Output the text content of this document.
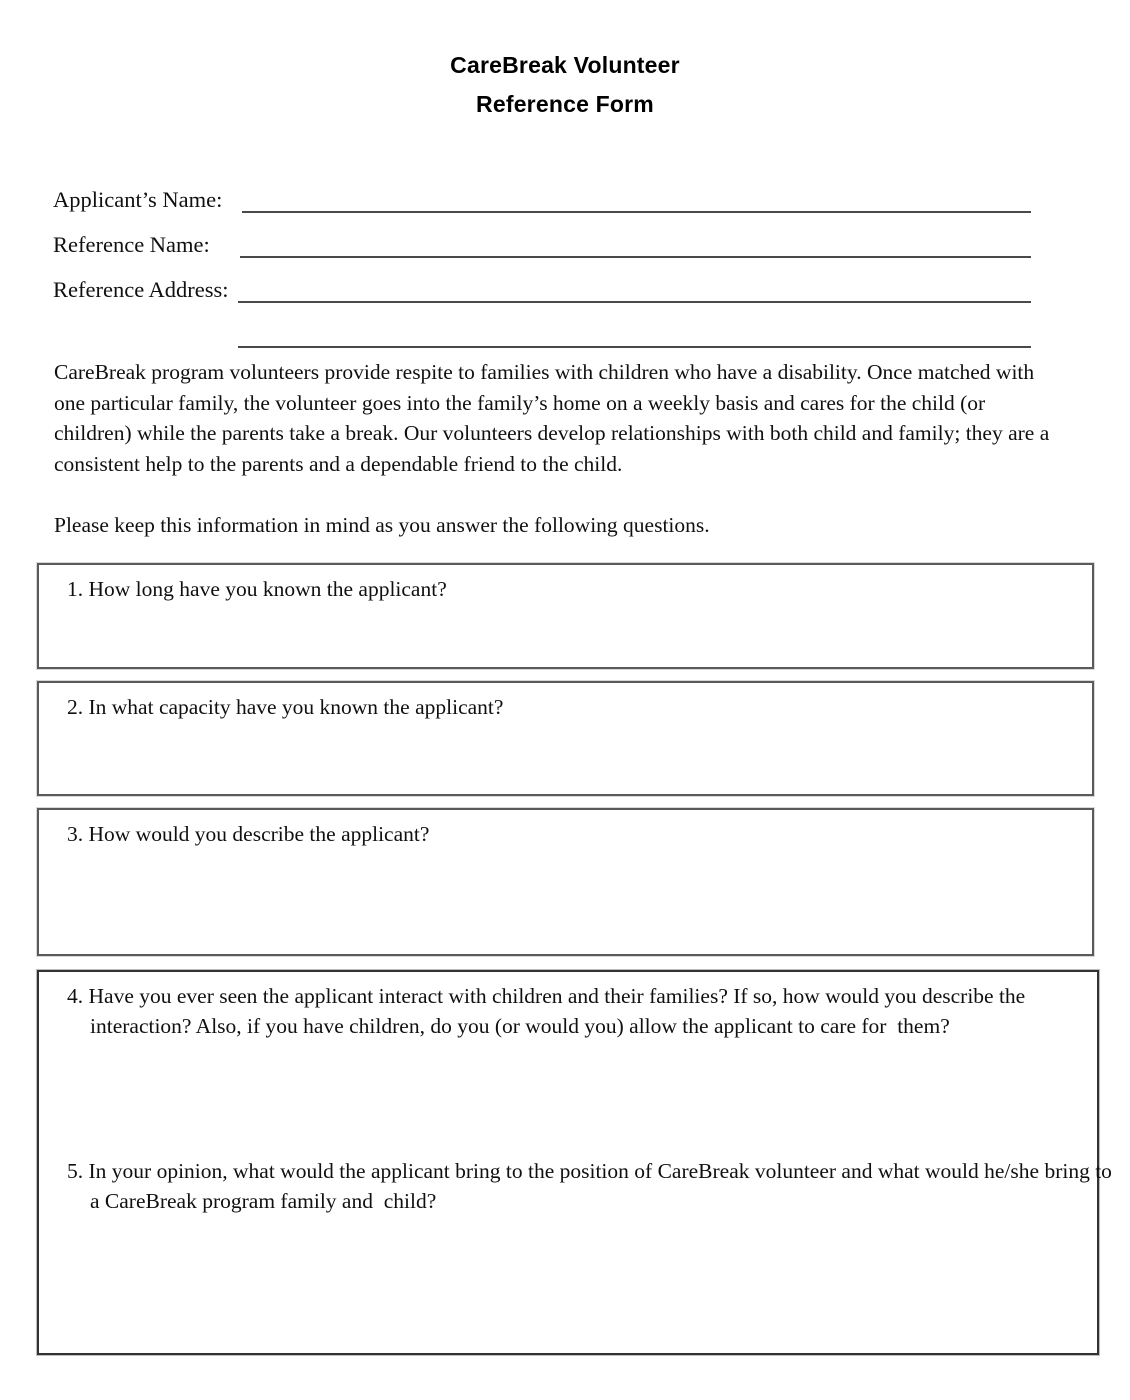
CareBreak Volunteer
Reference Form
Applicant’s Name:
Reference Name:
Reference Address:
CareBreak program volunteers provide respite to families with children who have a disability. Once matched with one particular family, the volunteer goes into the family’s home on a weekly basis and cares for the child (or children) while the parents take a break. Our volunteers develop relationships with both child and family; they are a consistent help to the parents and a dependable friend to the child.
Please keep this information in mind as you answer the following questions.
1. How long have you known the applicant?
2. In what capacity have you known the applicant?
3. How would you describe the applicant?
4. Have you ever seen the applicant interact with children and their families? If so, how would you describe the interaction? Also, if you have children, do you (or would you) allow the applicant to care for  them?
5. In your opinion, what would the applicant bring to the position of CareBreak volunteer and what would he/she bring to a CareBreak program family and  child?
